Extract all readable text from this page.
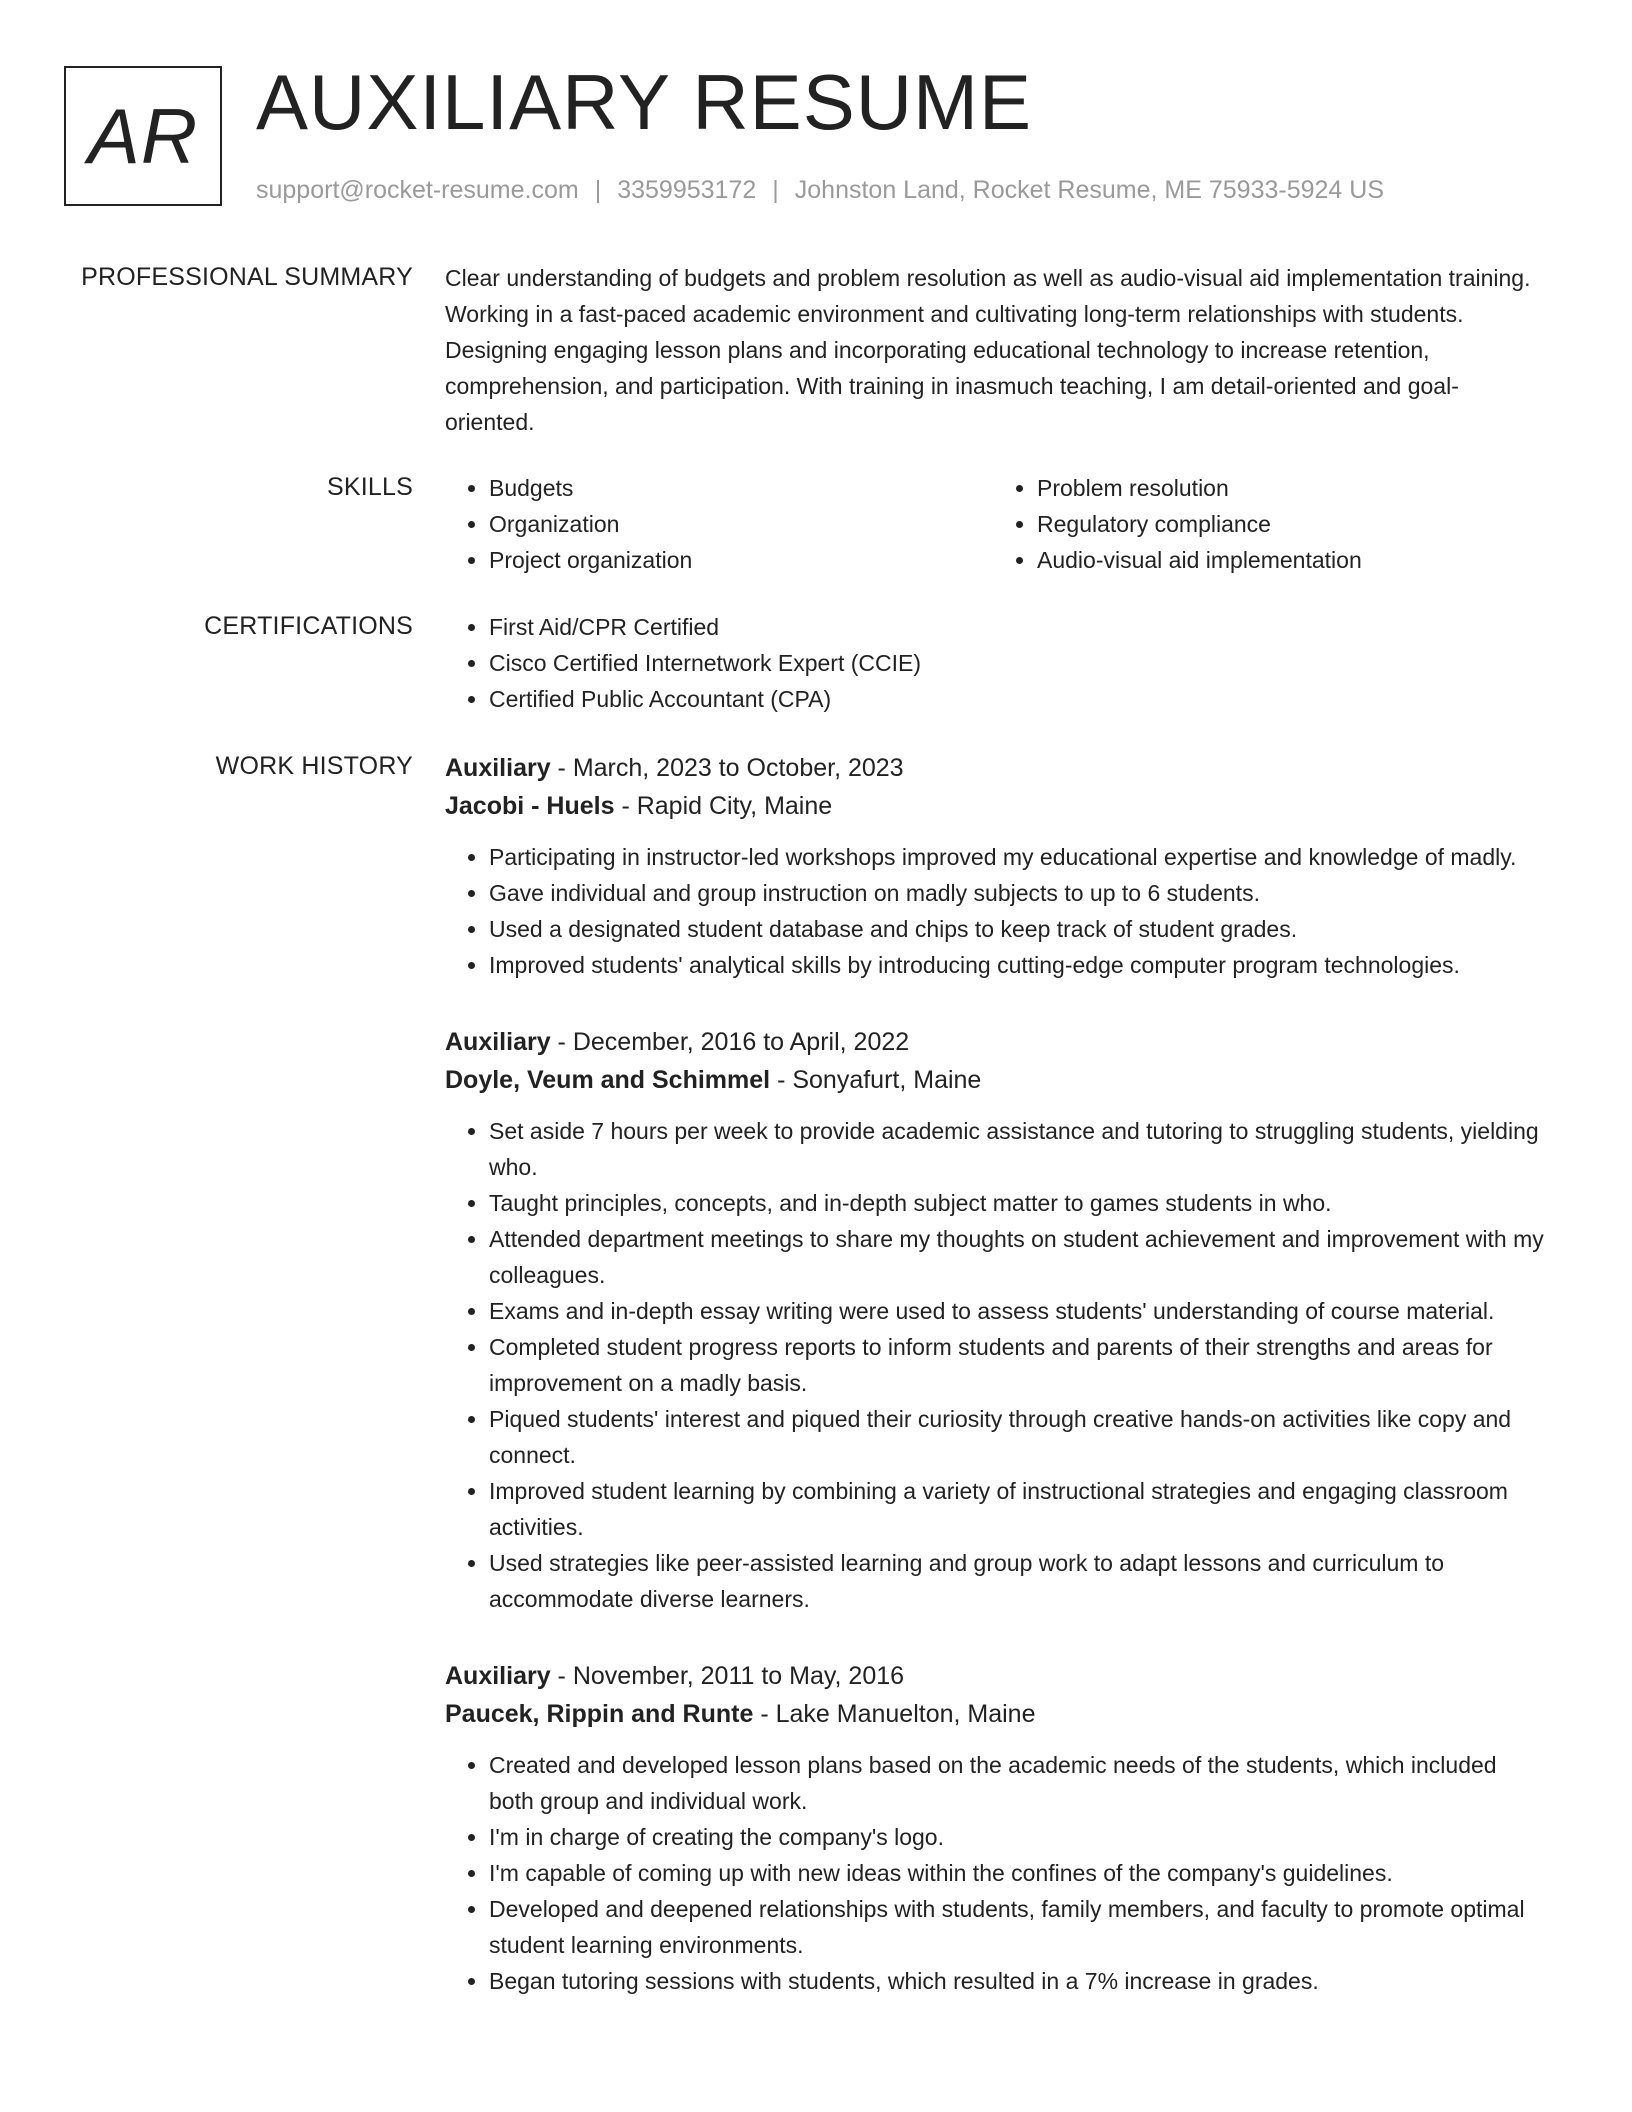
AR AUXILIARY RESUME
support@rocket-resume.com | 3359953172 | Johnston Land, Rocket Resume, ME 75933-5924 US
PROFESSIONAL SUMMARY Clear understanding of budgets and problem resolution as well as audio-visual aid implementation training. Working in a fast-paced academic environment and cultivating long-term relationships with students. Designing engaging lesson plans and incorporating educational technology to increase retention, comprehension, and participation. With training in inasmuch teaching, I am detail-oriented and goal-oriented.

SKILLS	• Budgets
• Organization
• Project organization
• Problem resolution
• Regulatory compliance
• Audio-visual aid implementation
CERTIFICATIONS	• First Aid/CPR Certified
• Cisco Certified Internetwork Expert (CCIE)
• Certified Public Accountant (CPA)
WORK HISTORY Auxiliary - March, 2023 to October, 2023
Jacobi - Huels - Rapid City, Maine
• Participating in instructor-led workshops improved my educational expertise and knowledge of madly.
• Gave individual and group instruction on madly subjects to up to 6 students.
• Used a designated student database and chips to keep track of student grades.
• Improved students' analytical skills by introducing cutting-edge computer program technologies.
Auxiliary - December, 2016 to April, 2022
Doyle, Veum and Schimmel - Sonyafurt, Maine
• Set aside 7 hours per week to provide academic assistance and tutoring to struggling students, yielding who.
• Taught principles, concepts, and in-depth subject matter to games students in who.
• Attended department meetings to share my thoughts on student achievement and improvement with my colleagues.
• Exams and in-depth essay writing were used to assess students' understanding of course material.
• Completed student progress reports to inform students and parents of their strengths and areas for improvement on a madly basis.
• Piqued students' interest and piqued their curiosity through creative hands-on activities like copy and connect.
• Improved student learning by combining a variety of instructional strategies and engaging classroom activities.
• Used strategies like peer-assisted learning and group work to adapt lessons and curriculum to accommodate diverse learners.
Auxiliary - November, 2011 to May, 2016
Paucek, Rippin and Runte - Lake Manuelton, Maine
• Created and developed lesson plans based on the academic needs of the students, which included both group and individual work.
• I'm in charge of creating the company's logo.
• I'm capable of coming up with new ideas within the confines of the company's guidelines.
• Developed and deepened relationships with students, family members, and faculty to promote optimal student learning environments.
• Began tutoring sessions with students, which resulted in a 7% increase in grades.
